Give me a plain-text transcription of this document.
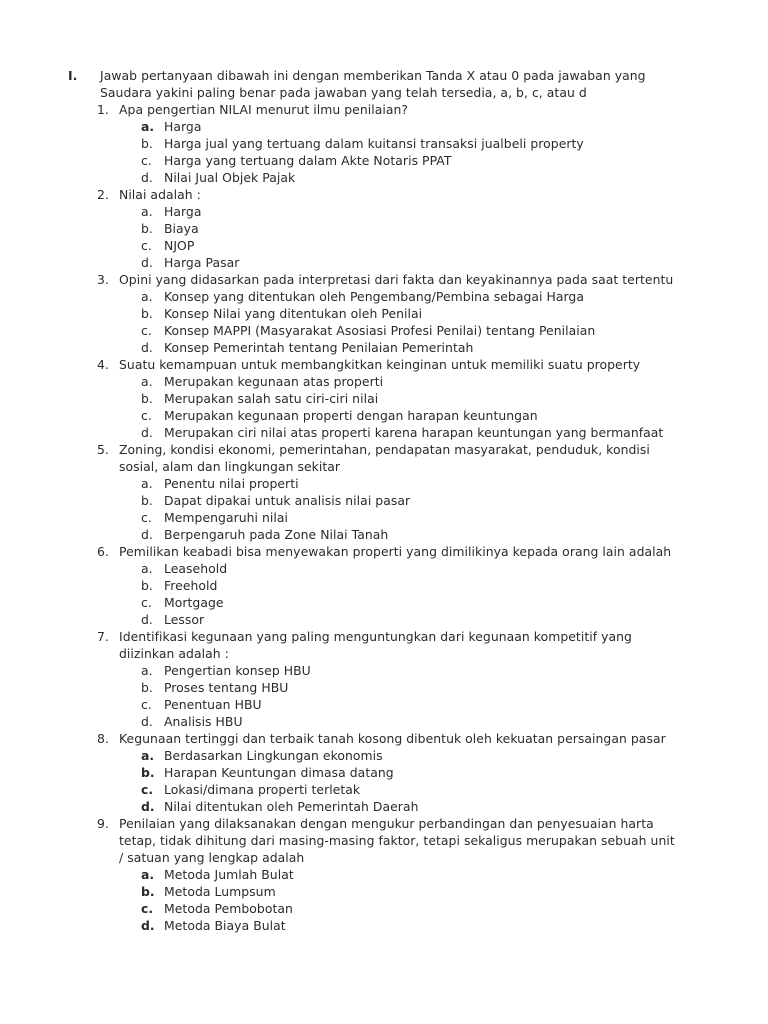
I. Jawab pertanyaan dibawah ini dengan memberikan Tanda X atau 0 pada jawaban yang
Saudara yakini paling benar pada jawaban yang telah tersedia, a, b, c, atau d
1. Apa pengertian NILAI menurut ilmu penilaian?
a. Harga
b. Harga jual yang tertuang dalam kuitansi transaksi jualbeli property
c. Harga yang tertuang dalam Akte Notaris PPAT
d. Nilai Jual Objek Pajak
2. Nilai adalah :
a. Harga
b. Biaya
c. NJOP
d. Harga Pasar
3. Opini yang didasarkan pada interpretasi dari fakta dan keyakinannya pada saat tertentu
a. Konsep yang ditentukan oleh Pengembang/Pembina sebagai Harga
b. Konsep Nilai yang ditentukan oleh Penilai
c. Konsep MAPPI (Masyarakat Asosiasi Profesi Penilai) tentang Penilaian
d. Konsep Pemerintah tentang Penilaian Pemerintah
4. Suatu kemampuan untuk membangkitkan keinginan untuk memiliki suatu property
a. Merupakan kegunaan atas properti
b. Merupakan salah satu ciri-ciri nilai
c. Merupakan kegunaan properti dengan harapan keuntungan
d. Merupakan ciri nilai atas properti karena harapan keuntungan yang bermanfaat
5. Zoning, kondisi ekonomi, pemerintahan, pendapatan masyarakat, penduduk, kondisi
sosial, alam dan lingkungan sekitar
a. Penentu nilai properti
b. Dapat dipakai untuk analisis nilai pasar
c. Mempengaruhi nilai
d. Berpengaruh pada Zone Nilai Tanah
6. Pemilikan keabadi bisa menyewakan properti yang dimilikinya kepada orang lain adalah
a. Leasehold
b. Freehold
c. Mortgage
d. Lessor
7. Identifikasi kegunaan yang paling menguntungkan dari kegunaan kompetitif yang
diizinkan adalah :
a. Pengertian konsep HBU
b. Proses tentang HBU
c. Penentuan HBU
d. Analisis HBU
8. Kegunaan tertinggi dan terbaik tanah kosong dibentuk oleh kekuatan persaingan pasar
a. Berdasarkan Lingkungan ekonomis
b. Harapan Keuntungan dimasa datang
c. Lokasi/dimana properti terletak
d. Nilai ditentukan oleh Pemerintah Daerah
9. Penilaian yang dilaksanakan dengan mengukur perbandingan dan penyesuaian harta
tetap, tidak dihitung dari masing-masing faktor, tetapi sekaligus merupakan sebuah unit
/ satuan yang lengkap adalah
a. Metoda Jumlah Bulat
b. Metoda Lumpsum
c. Metoda Pembobotan
d. Metoda Biaya Bulat
